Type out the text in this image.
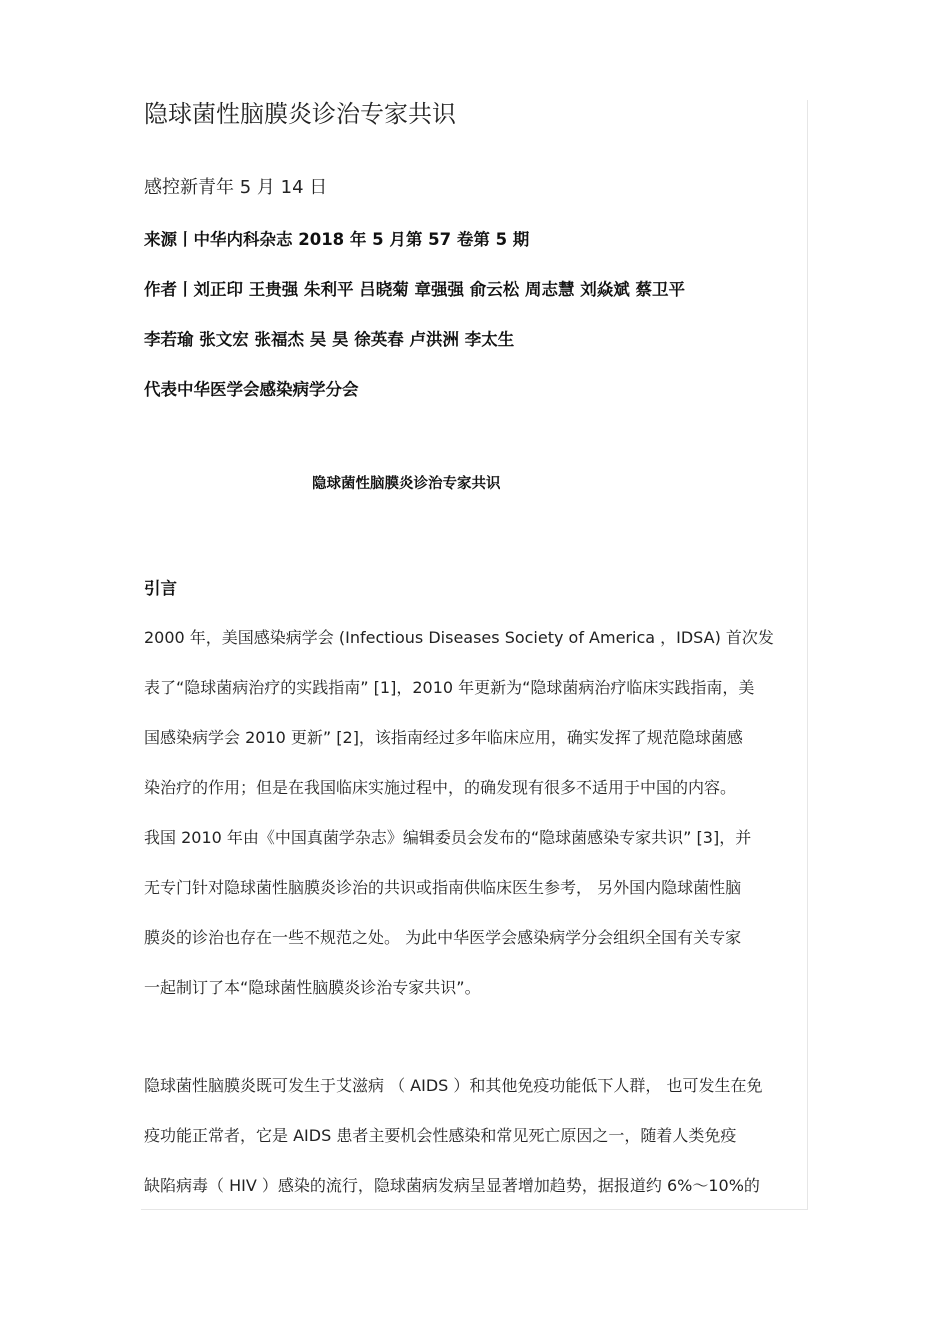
隐球菌性脑膜炎诊治专家共识
感控新青年 5 月 14 日
来源丨中华内科杂志 2018 年 5 月第 57 卷第 5 期
作者丨刘正印 王贵强 朱利平 吕晓菊 章强强 俞云松 周志慧 刘焱斌 蔡卫平
李若瑜 张文宏 张福杰 吴 昊 徐英春 卢洪洲 李太生
代表中华医学会感染病学分会
隐球菌性脑膜炎诊治专家共识
引言
2000 年，美国感染病学会 (Infectious Diseases Society of America ，IDSA) 首次发
表了“隐球菌病治疗的实践指南” [1]，2010 年更新为“隐球菌病治疗临床实践指南，美
国感染病学会 2010 更新” [2]，该指南经过多年临床应用，确实发挥了规范隐球菌感
染治疗的作用；但是在我国临床实施过程中，的确发现有很多不适用于中国的内容。
我国 2010 年由《中国真菌学杂志》编辑委员会发布的“隐球菌感染专家共识” [3]，并
无专门针对隐球菌性脑膜炎诊治的共识或指南供临床医生参考， 另外国内隐球菌性脑
膜炎的诊治也存在一些不规范之处。 为此中华医学会感染病学分会组织全国有关专家
一起制订了本“隐球菌性脑膜炎诊治专家共识”。
隐球菌性脑膜炎既可发生于艾滋病 （ AIDS ）和其他免疫功能低下人群， 也可发生在免
疫功能正常者，它是 AIDS 患者主要机会性感染和常见死亡原因之一，随着人类免疫
缺陷病毒（ HIV ）感染的流行，隐球菌病发病呈显著增加趋势，据报道约 6%～10%的
